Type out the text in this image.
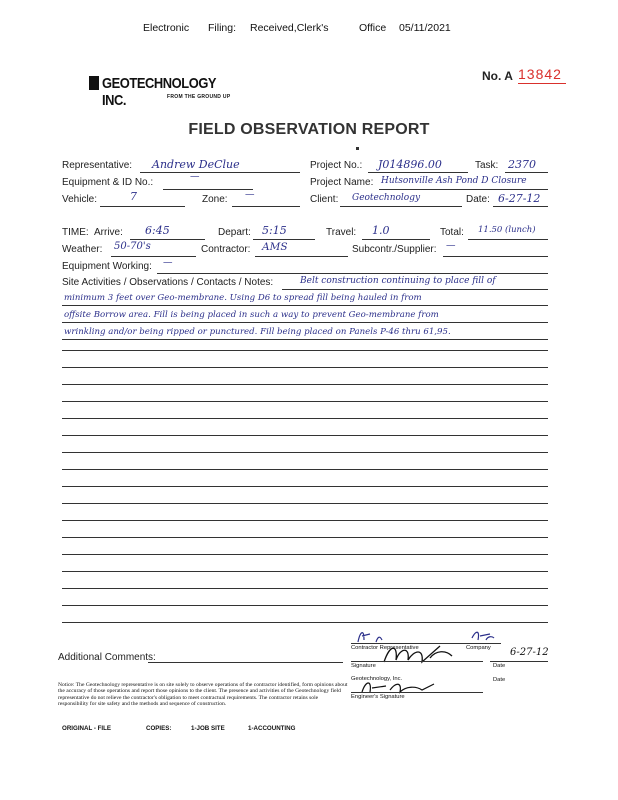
Electronic Filing: Received,Clerk's	Office 05/11/2021
GEOTECHNOLOGY INC.	FROM THE GROUND UP
No. A 13842
FIELD OBSERVATION REPORT
Representative: Andrew DeClue	Project No.: J014896.00	Task: 2370
Equipment & ID No.:
—
Project Name: Hutsonville Ash Pond D Closure
Vehicle:	7	Zone: —	Client: Geotechnology	Date: 6-27-12
TIME: Arrive: 6:45	Depart: 5:15	Travel: 1.0	Total: 11.50 (lunch)
Weather: 50-70's	Contractor: AMS	Subcontr./Supplier: —
Equipment Working: —
Site Activities / Observations / Contacts / Notes:	Belt construction continuing to place fill of
minimum 3 feet over Geo-membrane. Using D6 to spread fill being hauled in from
offsite Borrow area. Fill is being placed in such a way to prevent Geo-membrane from
wrinkling and/or being ripped or punctured. Fill being placed on Panels P-46 thru 61,95.
Additional Comments:
Contractor Representative	Company
Signature
6-27-12
Date
Geotechnology, Inc.
Engineer's Signature
Date
Notice: The Geotechnology representative is on site solely to observe operations of the contractor identified, form opinions about the accuracy of those operations and report those opinions to the client. The presence and activities of the Geotechnology field representative do not relieve the contractor's obligation to meet contractual requirements. The contractor retains sole responsibility for site safety and the methods and sequence of construction.
ORIGINAL - FILE	COPIES:	1-JOB SITE	1-ACCOUNTING
